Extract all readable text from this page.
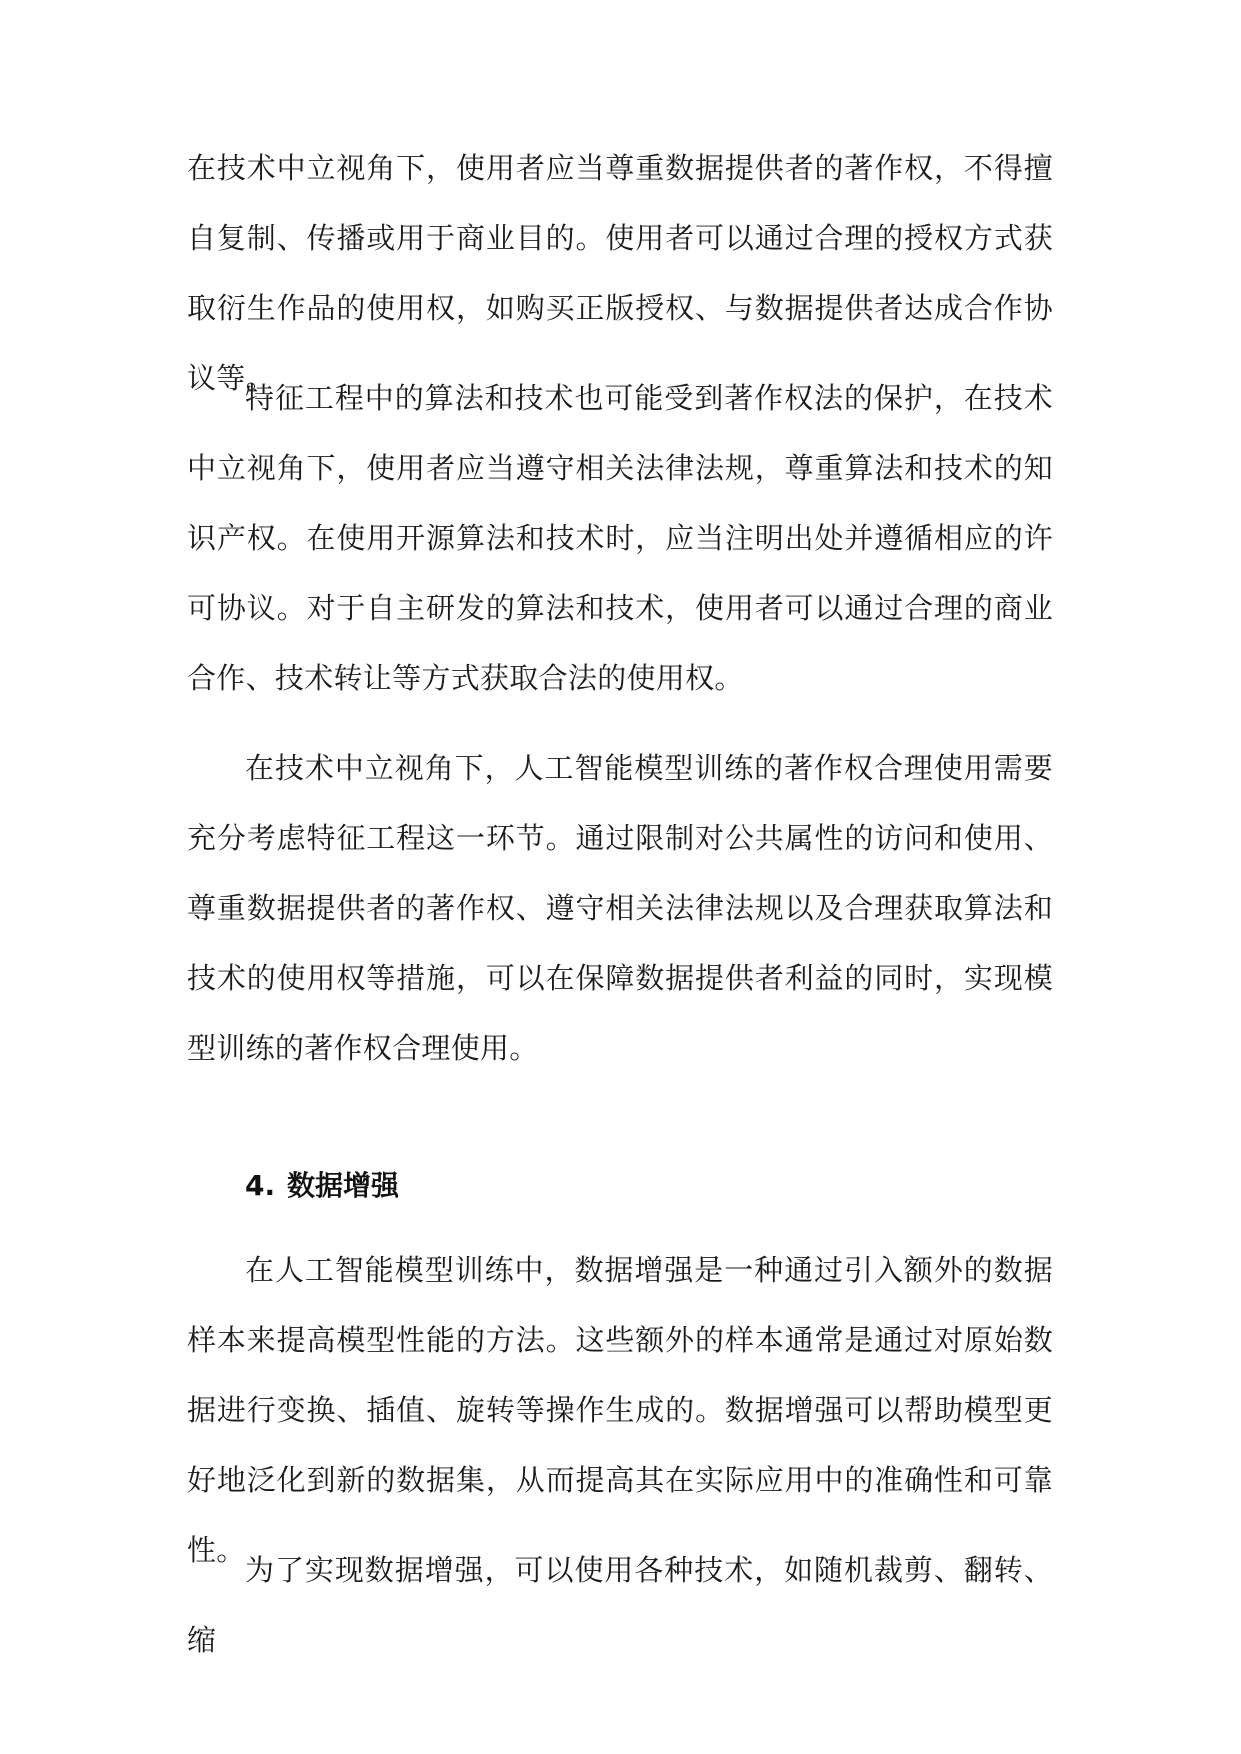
在技术中立视角下，使用者应当尊重数据提供者的著作权，不得擅自复制、传播或用于商业目的。使用者可以通过合理的授权方式获取衍生作品的使用权，如购买正版授权、与数据提供者达成合作协议等。

特征工程中的算法和技术也可能受到著作权法的保护，在技术中立视角下，使用者应当遵守相关法律法规，尊重算法和技术的知识产权。在使用开源算法和技术时，应当注明出处并遵循相应的许可协议。对于自主研发的算法和技术，使用者可以通过合理的商业合作、技术转让等方式获取合法的使用权。

在技术中立视角下，人工智能模型训练的著作权合理使用需要充分考虑特征工程这一环节。通过限制对公共属性的访问和使用、尊重数据提供者的著作权、遵守相关法律法规以及合理获取算法和技术的使用权等措施，可以在保障数据提供者利益的同时，实现模型训练的著作权合理使用。

4. 数据增强

在人工智能模型训练中，数据增强是一种通过引入额外的数据样本来提高模型性能的方法。这些额外的样本通常是通过对原始数据进行变换、插值、旋转等操作生成的。数据增强可以帮助模型更好地泛化到新的数据集，从而提高其在实际应用中的准确性和可靠性。

为了实现数据增强，可以使用各种技术，如随机裁剪、翻转、缩
